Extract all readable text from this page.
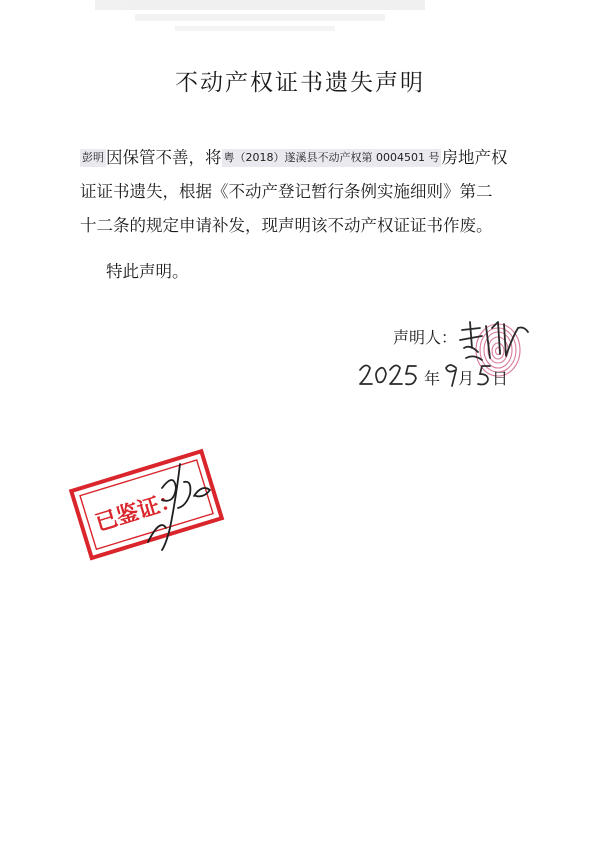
不动产权证书遗失声明
彭明 因保管不善，将 粤（2018）遂溪县不动产权第 0004501 号 房地产权
证证书遗失，根据《不动产登记暂行条例实施细则》第二
十二条的规定申请补发，现声明该不动产权证证书作废。
特此声明。
声明人：
年 月 日
已鉴证：
